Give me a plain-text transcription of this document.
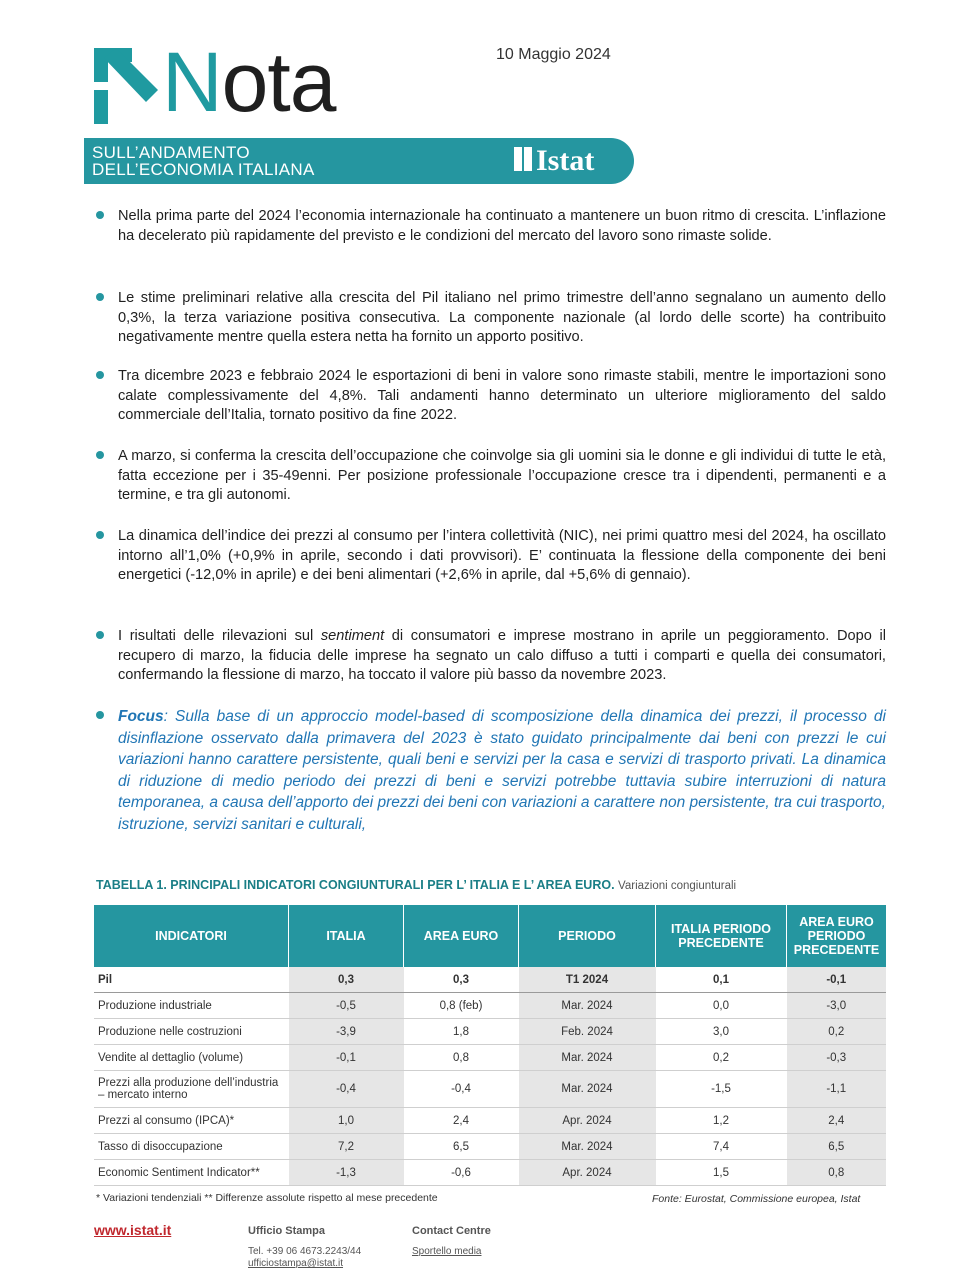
Nota	10 Maggio 2024
SULL’ANDAMENTO
DELL’ECONOMIA ITALIANA	Istat
Nella prima parte del 2024 l’economia internazionale ha continuato a mantenere un buon ritmo di crescita. L’inflazione ha decelerato più rapidamente del previsto e le condizioni del mercato del lavoro sono rimaste solide.
Le stime preliminari relative alla crescita del Pil italiano nel primo trimestre dell’anno segnalano un aumento dello 0,3%, la terza variazione positiva consecutiva. La componente nazionale (al lordo delle scorte) ha contribuito negativamente mentre quella estera netta ha fornito un apporto positivo.
Tra dicembre 2023 e febbraio 2024 le esportazioni di beni in valore sono rimaste stabili, mentre le importazioni sono calate complessivamente del 4,8%. Tali andamenti hanno determinato un ulteriore miglioramento del saldo commerciale dell’Italia, tornato positivo da fine 2022.
A marzo, si conferma la crescita dell’occupazione che coinvolge sia gli uomini sia le donne e gli individui di tutte le età, fatta eccezione per i 35-49enni. Per posizione professionale l’occupazione cresce tra i dipendenti, permanenti e a termine, e tra gli autonomi.
La dinamica dell’indice dei prezzi al consumo per l’intera collettività (NIC), nei primi quattro mesi del 2024, ha oscillato intorno all’1,0% (+0,9% in aprile, secondo i dati provvisori). E’ continuata la flessione della componente dei beni energetici (-12,0% in aprile) e dei beni alimentari (+2,6% in aprile, dal +5,6% di gennaio).
I risultati delle rilevazioni sul sentiment di consumatori e imprese mostrano in aprile un peggioramento. Dopo il recupero di marzo, la fiducia delle imprese ha segnato un calo diffuso a tutti i comparti e quella dei consumatori, confermando la flessione di marzo, ha toccato il valore più basso da novembre 2023.
Focus: Sulla base di un approccio model-based di scomposizione della dinamica dei prezzi, il processo di disinflazione osservato dalla primavera del 2023 è stato guidato principalmente dai beni con prezzi le cui variazioni hanno carattere persistente, quali beni e servizi per la casa e servizi di trasporto privati. La dinamica di riduzione di medio periodo dei prezzi di beni e servizi potrebbe tuttavia subire interruzioni di natura temporanea, a causa dell’apporto dei prezzi dei beni con variazioni a carattere non persistente, tra cui trasporto, istruzione, servizi sanitari e culturali,
TABELLA 1. PRINCIPALI INDICATORI CONGIUNTURALI PER L’ ITALIA E L’ AREA EURO. Variazioni congiunturali
INDICATORI	ITALIA	AREA EURO	PERIODO	ITALIA PERIODO PRECEDENTE	AREA EURO PERIODO PRECEDENTE
Pil	0,3	0,3	T1 2024	0,1	-0,1
Produzione industriale	-0,5	0,8 (feb)	Mar. 2024	0,0	-3,0
Produzione nelle costruzioni	-3,9	1,8	Feb. 2024	3,0	0,2
Vendite al dettaglio (volume)	-0,1	0,8	Mar. 2024	0,2	-0,3
Prezzi alla produzione dell’industria – mercato interno	-0,4	-0,4	Mar. 2024	-1,5	-1,1
Prezzi al consumo (IPCA)*	1,0	2,4	Apr. 2024	1,2	2,4
Tasso di disoccupazione	7,2	6,5	Mar. 2024	7,4	6,5
Economic Sentiment Indicator**	-1,3	-0,6	Apr. 2024	1,5	0,8
* Variazioni tendenziali ** Differenze assolute rispetto al mese precedente	Fonte: Eurostat, Commissione europea, Istat
www.istat.it	Ufficio Stampa
Tel. +39 06 4673.2243/44
ufficiostampa@istat.it
Contact Centre
Sportello media
